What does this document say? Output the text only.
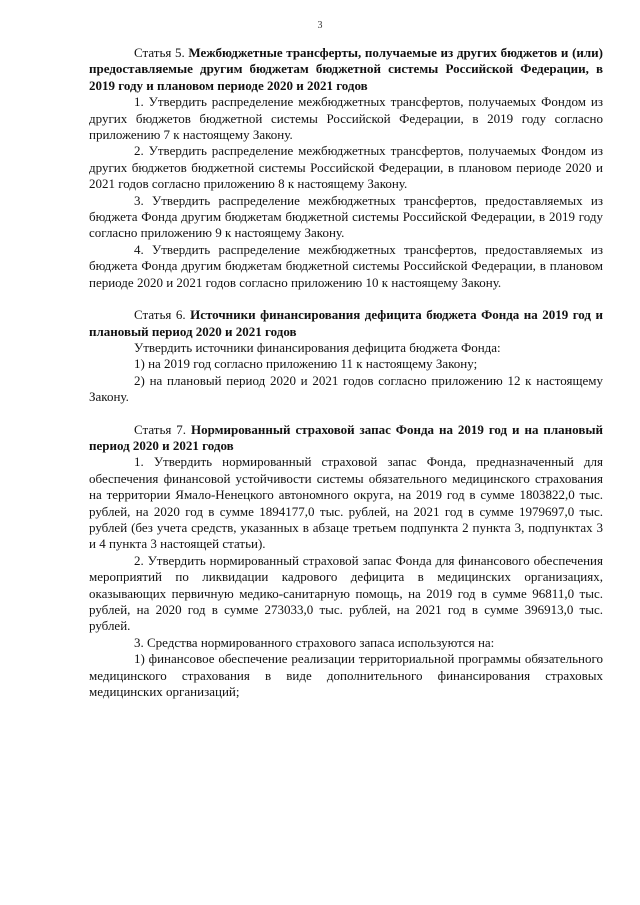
3

Статья 5. Межбюджетные трансферты, получаемые из других бюджетов и (или) предоставляемые другим бюджетам бюджетной системы Российской Федерации, в 2019 году и плановом периоде 2020 и 2021 годов

1. Утвердить распределение межбюджетных трансфертов, получаемых Фондом из других бюджетов бюджетной системы Российской Федерации, в 2019 году согласно приложению 7 к настоящему Закону.

2. Утвердить распределение межбюджетных трансфертов, получаемых Фондом из других бюджетов бюджетной системы Российской Федерации, в плановом периоде 2020 и 2021 годов согласно приложению 8 к настоящему Закону.

3. Утвердить распределение межбюджетных трансфертов, предоставляемых из бюджета Фонда другим бюджетам бюджетной системы Российской Федерации, в 2019 году согласно приложению 9 к настоящему Закону.

4. Утвердить распределение межбюджетных трансфертов, предоставляемых из бюджета Фонда другим бюджетам бюджетной системы Российской Федерации, в плановом периоде 2020 и 2021 годов согласно приложению 10 к настоящему Закону.

Статья 6. Источники финансирования дефицита бюджета Фонда на 2019 год и плановый период 2020 и 2021 годов

Утвердить источники финансирования дефицита бюджета Фонда:

1) на 2019 год согласно приложению 11 к настоящему Закону;

2) на плановый период 2020 и 2021 годов согласно приложению 12 к настоящему Закону.

Статья 7. Нормированный страховой запас Фонда на 2019 год и на плановый период 2020 и 2021 годов

1. Утвердить нормированный страховой запас Фонда, предназначенный для обеспечения финансовой устойчивости системы обязательного медицинского страхования на территории Ямало-Ненецкого автономного округа, на 2019 год в сумме 1803822,0 тыс. рублей, на 2020 год в сумме 1894177,0 тыс. рублей, на 2021 год в сумме 1979697,0 тыс. рублей (без учета средств, указанных в абзаце третьем подпункта 2 пункта 3, подпунктах 3 и 4 пункта 3 настоящей статьи).

2. Утвердить нормированный страховой запас Фонда для финансового обеспечения мероприятий по ликвидации кадрового дефицита в медицинских организациях, оказывающих первичную медико-санитарную помощь, на 2019 год в сумме 96811,0 тыс. рублей, на 2020 год в сумме 273033,0 тыс. рублей, на 2021 год в сумме 396913,0 тыс. рублей.

3. Средства нормированного страхового запаса используются на:

1) финансовое обеспечение реализации территориальной программы обязательного медицинского страхования в виде дополнительного финансирования страховых медицинских организаций;
